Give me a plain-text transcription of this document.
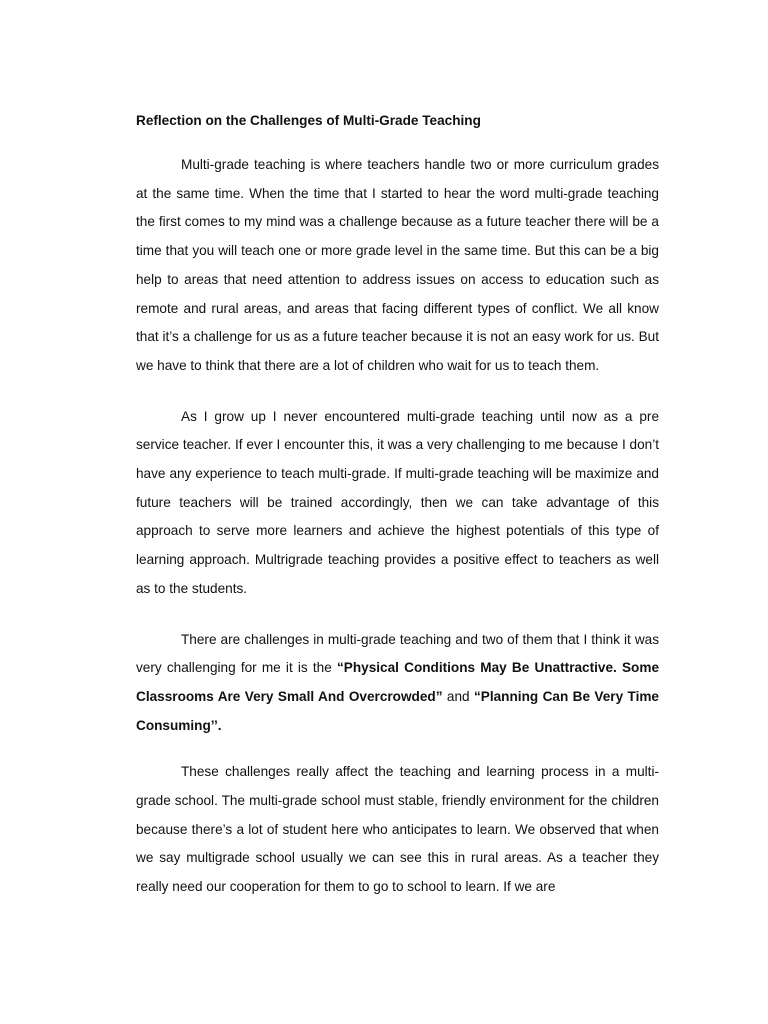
Reflection on the Challenges of Multi-Grade Teaching

Multi-grade teaching is where teachers handle two or more curriculum grades at the same time. When the time that I started to hear the word multi-grade teaching the first comes to my mind was a challenge because as a future teacher there will be a time that you will teach one or more grade level in the same time. But this can be a big help to areas that need attention to address issues on access to education such as remote and rural areas, and areas that facing different types of conflict. We all know that it’s a challenge for us as a future teacher because it is not an easy work for us. But we have to think that there are a lot of children who wait for us to teach them.

As I grow up I never encountered multi-grade teaching until now as a pre service teacher. If ever I encounter this, it was a very challenging to me because I don’t have any experience to teach multi-grade. If multi-grade teaching will be maximize and future teachers will be trained accordingly, then we can take advantage of this approach to serve more learners and achieve the highest potentials of this type of learning approach. Multrigrade teaching provides a positive effect to teachers as well as to the students.

There are challenges in multi-grade teaching and two of them that I think it was very challenging for me it is the “Physical Conditions May Be Unattractive. Some Classrooms Are Very Small And Overcrowded” and “Planning Can Be Very Time Consuming’’.

These challenges really affect the teaching and learning process in a multi-grade school. The multi-grade school must stable, friendly environment for the children because there’s a lot of student here who anticipates to learn. We observed that when we say multigrade school usually we can see this in rural areas. As a teacher they really need our cooperation for them to go to school to learn. If we are
